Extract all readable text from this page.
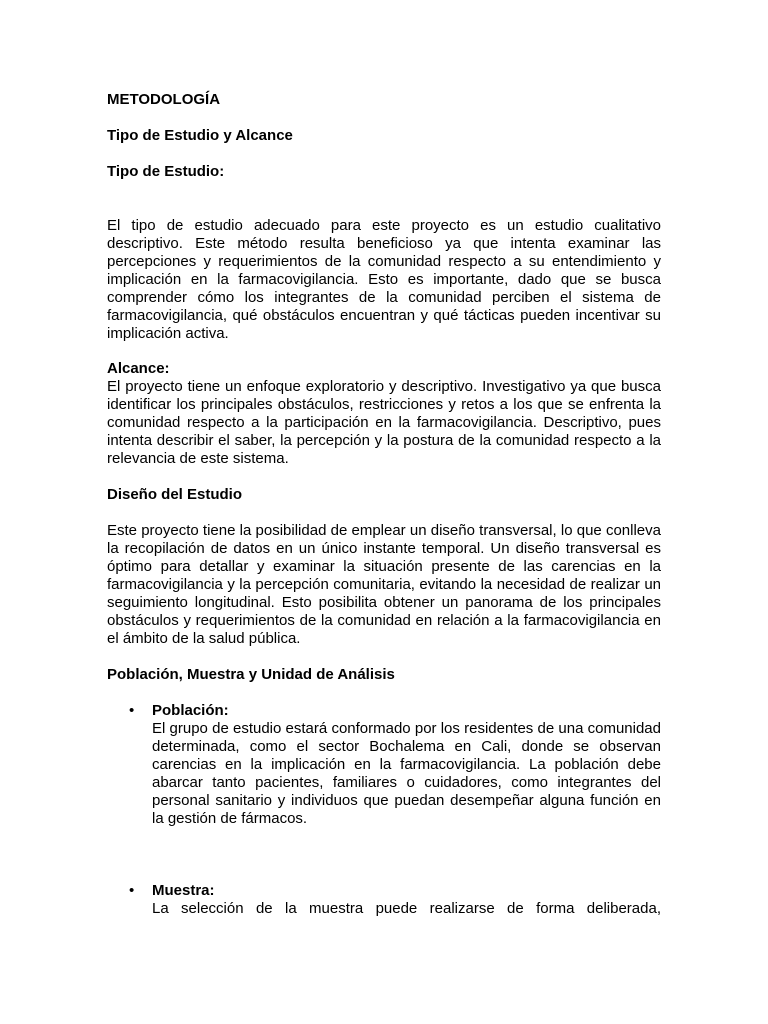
METODOLOGÍA

Tipo de Estudio y Alcance

Tipo de Estudio:

El tipo de estudio adecuado para este proyecto es un estudio cualitativo descriptivo. Este método resulta beneficioso ya que intenta examinar las percepciones y requerimientos de la comunidad respecto a su entendimiento y implicación en la farmacovigilancia. Esto es importante, dado que se busca comprender cómo los integrantes de la comunidad perciben el sistema de farmacovigilancia, qué obstáculos encuentran y qué tácticas pueden incentivar su implicación activa.

Alcance:

El proyecto tiene un enfoque exploratorio y descriptivo. Investigativo ya que busca identificar los principales obstáculos, restricciones y retos a los que se enfrenta la comunidad respecto a la participación en la farmacovigilancia. Descriptivo, pues intenta describir el saber, la percepción y la postura de la comunidad respecto a la relevancia de este sistema.

Diseño del Estudio

Este proyecto tiene la posibilidad de emplear un diseño transversal, lo que conlleva la recopilación de datos en un único instante temporal. Un diseño transversal es óptimo para detallar y examinar la situación presente de las carencias en la farmacovigilancia y la percepción comunitaria, evitando la necesidad de realizar un seguimiento longitudinal. Esto posibilita obtener un panorama de los principales obstáculos y requerimientos de la comunidad en relación a la farmacovigilancia en el ámbito de la salud pública.

Población, Muestra y Unidad de Análisis

• Población:

El grupo de estudio estará conformado por los residentes de una comunidad determinada, como el sector Bochalema en Cali, donde se observan carencias en la implicación en la farmacovigilancia. La población debe abarcar tanto pacientes, familiares o cuidadores, como integrantes del personal sanitario y individuos que puedan desempeñar alguna función en la gestión de fármacos.

• Muestra:

La selección de la muestra puede realizarse de forma deliberada,
